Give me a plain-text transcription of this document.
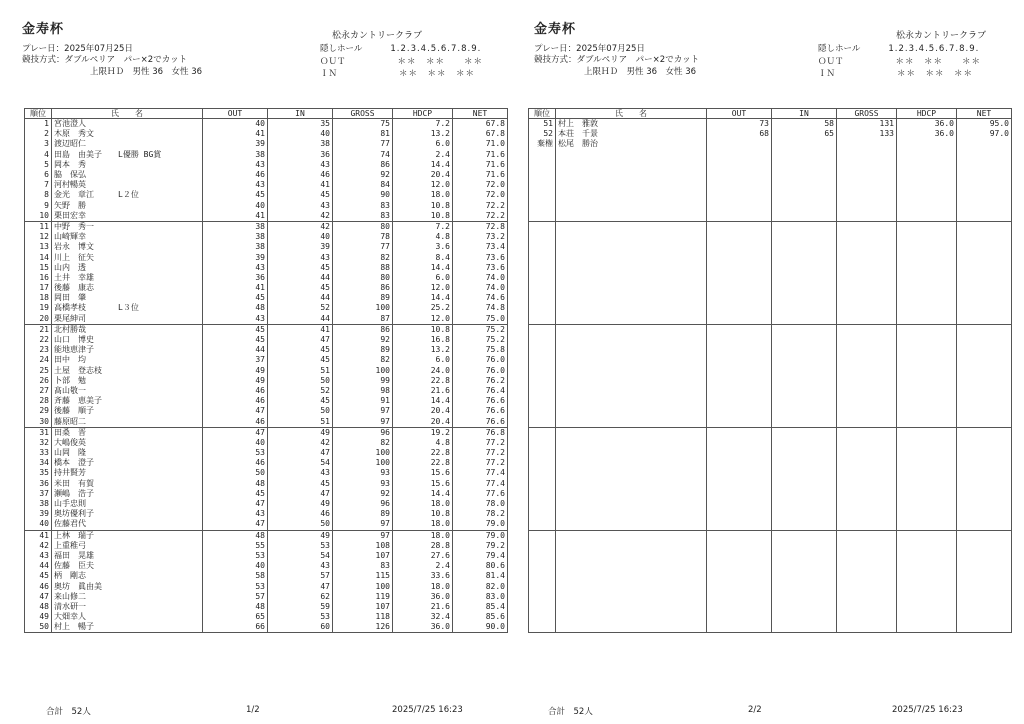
金寿杯	松永カントリークラブ
プレー日：2025年07月25日
競技方式：ダブルペリア　パー×2でカット
上限ＨＤ　男性 36　女性 36
隠しホール	1.2.3.4.5.6.7.8.9.
ＯＵＴ	＊＊　＊＊　　＊＊
ＩＮ	＊＊　＊＊　＊＊
順位	氏　　名	OUT	IN	GROSS	HDCP	NET
1	宮池澄人	40	35	75	7.2	67.8
2	木原　秀文	41	40	81	13.2	67.8
3	渡辺昭仁	39	38	77	6.0	71.0
4	田島　由美子　　L優勝 BG賞	38	36	74	2.4	71.6
5	岡本　秀	43	43	86	14.4	71.6
6	脇　保弘	46	46	92	20.4	71.6
7	河村暢英	43	41	84	12.0	72.0
8	金光　章江　　　L２位	45	45	90	18.0	72.0
9	矢野　勝	40	43	83	10.8	72.2
10	栗田宏幸	41	42	83	10.8	72.2
11	中野　秀一	38	42	80	7.2	72.8
12	山崎輝幸	38	40	78	4.8	73.2
13	岩永　博文	38	39	77	3.6	73.4
14	川上　征矢	39	43	82	8.4	73.6
15	山内　透	43	45	88	14.4	73.6
16	土井　幸雄	36	44	80	6.0	74.0
17	後藤　康志	41	45	86	12.0	74.0
18	岡田　肇	45	44	89	14.4	74.6
19	高橋孝枝　　　　L３位	48	52	100	25.2	74.8
20	栗尾紳司	43	44	87	12.0	75.0
21	北村勝哉	45	41	86	10.8	75.2
22	山口　博史	45	47	92	16.8	75.2
23	能地恵津子	44	45	89	13.2	75.8
24	田中　均	37	45	82	6.0	76.0
25	土屋　登志枝	49	51	100	24.0	76.0
26	卜部　勉	49	50	99	22.8	76.2
27	髙山敬一	46	52	98	21.6	76.4
28	斉藤　恵美子	46	45	91	14.4	76.6
29	後藤　順子	47	50	97	20.4	76.6
30	藤原昭二	46	51	97	20.4	76.6
31	田桑　晋	47	49	96	19.2	76.8
32	大嶋俊英	40	42	82	4.8	77.2
33	山岡　隆	53	47	100	22.8	77.2
34	橋本　澄子	46	54	100	22.8	77.2
35	持井賢芳	50	43	93	15.6	77.4
36	米田　有賀	48	45	93	15.6	77.4
37	瀬嶋　浩子	45	47	92	14.4	77.6
38	山手忠則	47	49	96	18.0	78.0
39	奥坊優利子	43	46	89	10.8	78.2
40	佐藤君代	47	50	97	18.0	79.0
41	上林　瑞子	48	49	97	18.0	79.0
42	上重稚弓	55	53	108	28.8	79.2
43	福田　晃雄	53	54	107	27.6	79.4
44	佐藤　臣夫	40	43	83	2.4	80.6
45	柄　剛志	58	57	115	33.6	81.4
46	奥坊　眞由美	53	47	100	18.0	82.0
47	来山修二	57	62	119	36.0	83.0
48	清水研一	48	59	107	21.6	85.4
49	大畑幸人	65	53	118	32.4	85.6
50	村上　暢子	66	60	126	36.0	90.0
合計　52人	1/2	2025/7/25 16:23
金寿杯	松永カントリークラブ
プレー日：2025年07月25日
競技方式：ダブルペリア　パー×2でカット
上限ＨＤ　男性 36　女性 36
隠しホール	1.2.3.4.5.6.7.8.9.
ＯＵＴ	＊＊　＊＊　　＊＊
ＩＮ	＊＊　＊＊　＊＊
順位	氏　　名	OUT	IN	GROSS	HDCP	NET
51	村上　雅敦	73	58	131	36.0	95.0
52	本荘　千景	68	65	133	36.0	97.0
棄権	松尾　勝治					

合計　52人	2/2	2025/7/25 16:23
